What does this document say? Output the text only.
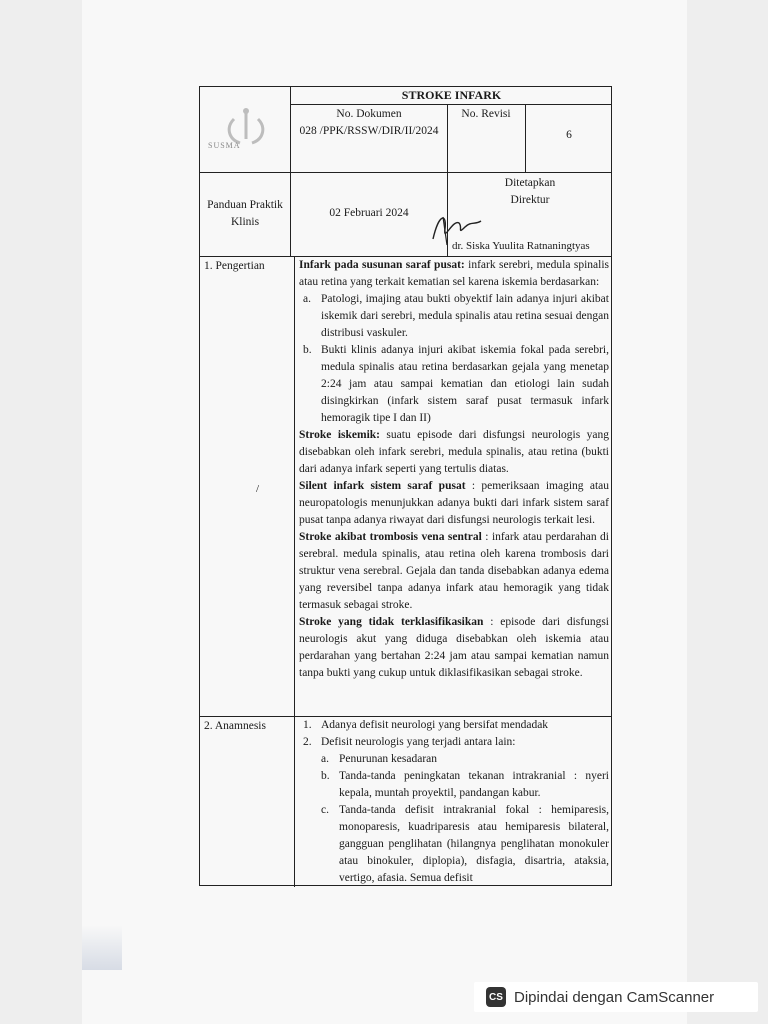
SUSMA
STROKE INFARK
No. Dokumen
028 /PPK/RSSW/DIR/II/2024
No. Revisi
6
Panduan Praktik Klinis
02 Februari 2024
Ditetapkan
Direktur
dr. Siska Yuulita Ratnaningtyas
1. Pengertian	Infark pada susunan saraf pusat: infark serebri, medula spinalis atau retina yang terkait kematian sel karena iskemia berdasarkan:

a. Patologi, imajing atau bukti obyektif lain adanya injuri akibat iskemik dari serebri, medula spinalis atau retina sesuai dengan distribusi vaskuler.
b. Bukti klinis adanya injuri akibat iskemia fokal pada serebri, medula spinalis atau retina berdasarkan gejala yang menetap 2:24 jam atau sampai kematian dan etiologi lain sudah disingkirkan (infark sistem saraf pusat termasuk infark hemoragik tipe I dan II)

Stroke iskemik: suatu episode dari disfungsi neurologis yang disebabkan oleh infark serebri, medula spinalis, atau retina (bukti dari adanya infark seperti yang tertulis diatas.

Silent infark sistem saraf pusat : pemeriksaan imaging atau neuropatologis menunjukkan adanya bukti dari infark sistem saraf pusat tanpa adanya riwayat dari disfungsi neurologis terkait lesi.

Stroke akibat trombosis vena sentral : infark atau perdarahan di serebral. medula spinalis, atau retina oleh karena trombosis dari struktur vena serebral. Gejala dan tanda disebabkan adanya edema yang reversibel tanpa adanya infark atau hemoragik yang tidak termasuk sebagai stroke.

Stroke yang tidak terklasifikasikan : episode dari disfungsi neurologis akut yang diduga disebabkan oleh iskemia atau perdarahan yang bertahan 2:24 jam atau sampai kematian namun tanpa bukti yang cukup untuk diklasifikasikan sebagai stroke.

2. Anamnesis	1. Adanya defisit neurologi yang bersifat mendadak
2. Defisit neurologis yang terjadi antara lain:
a. Penurunan kesadaran
b. Tanda-tanda peningkatan tekanan intrakranial : nyeri kepala, muntah proyektil, pandangan kabur.
c. Tanda-tanda defisit intrakranial fokal : hemiparesis, monoparesis, kuadriparesis atau hemiparesis bilateral, gangguan penglihatan (hilangnya penglihatan monokuler atau binokuler, diplopia), disfagia, disartria, ataksia, vertigo, afasia. Semua defisit
/
CS Dipindai dengan CamScanner
